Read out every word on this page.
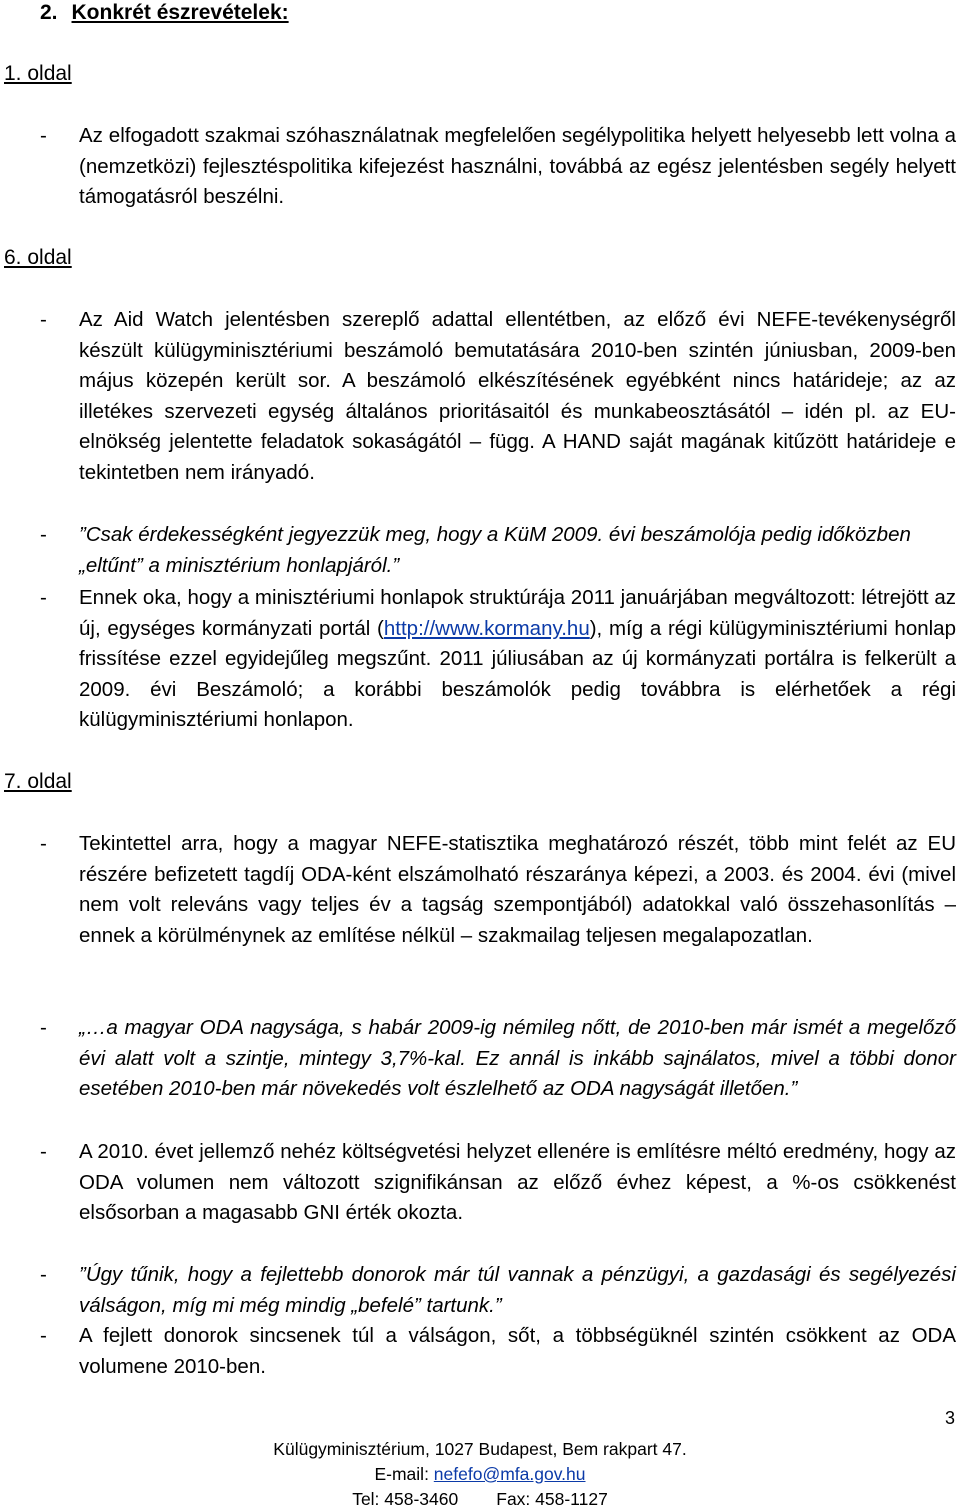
2. Konkrét észrevételek:

1. oldal

- Az elfogadott szakmai szóhasználatnak megfelelően segélypolitika helyett helyesebb lett volna a (nemzetközi) fejlesztéspolitika kifejezést használni, továbbá az egész jelentésben segély helyett támogatásról beszélni.

6. oldal

- Az Aid Watch jelentésben szereplő adattal ellentétben, az előző évi NEFE-tevékenységről készült külügyminisztériumi beszámoló bemutatására 2010-ben szintén júniusban, 2009-ben május közepén került sor. A beszámoló elkészítésének egyébként nincs határideje; az az illetékes szervezeti egység általános prioritásaitól és munkabeosztásától – idén pl. az EU-elnökség jelentette feladatok sokaságától – függ. A HAND saját magának kitűzött határideje e tekintetben nem irányadó.
- ”Csak érdekességként jegyezzük meg, hogy a KüM 2009. évi beszámolója pedig időközben „eltűnt” a minisztérium honlapjáról.”
- Ennek oka, hogy a minisztériumi honlapok struktúrája 2011 januárjában megváltozott: létrejött az új, egységes kormányzati portál (http://www.kormany.hu), míg a régi külügyminisztériumi honlap frissítése ezzel egyidejűleg megszűnt. 2011 júliusában az új kormányzati portálra is felkerült a 2009. évi Beszámoló; a korábbi beszámolók pedig továbbra is elérhetőek a régi külügyminisztériumi honlapon.

7. oldal

- Tekintettel arra, hogy a magyar NEFE-statisztika meghatározó részét, több mint felét az EU részére befizetett tagdíj ODA-ként elszámolható részaránya képezi, a 2003. és 2004. évi (mivel nem volt releváns vagy teljes év a tagság szempontjából) adatokkal való összehasonlítás – ennek a körülménynek az említése nélkül – szakmailag teljesen megalapozatlan.
- „…a magyar ODA nagysága, s habár 2009-ig némileg nőtt, de 2010-ben már ismét a megelőző évi alatt volt a szintje, mintegy 3,7%-kal. Ez annál is inkább sajnálatos, mivel a többi donor esetében 2010-ben már növekedés volt észlelhető az ODA nagyságát illetően.”
- A 2010. évet jellemző nehéz költségvetési helyzet ellenére is említésre méltó eredmény, hogy az ODA volumen nem változott szignifikánsan az előző évhez képest, a %-os csökkenést elsősorban a magasabb GNI érték okozta.
- ”Úgy tűnik, hogy a fejlettebb donorok már túl vannak a pénzügyi, a gazdasági és segélyezési válságon, míg mi még mindig „befelé” tartunk.”
- A fejlett donorok sincsenek túl a válságon, sőt, a többségüknél szintén csökkent az ODA volumene 2010-ben.
3
Külügyminisztérium, 1027 Budapest, Bem rakpart 47.
E-mail: nefefo@mfa.gov.hu
Tel: 458-3460 Fax: 458-1127
